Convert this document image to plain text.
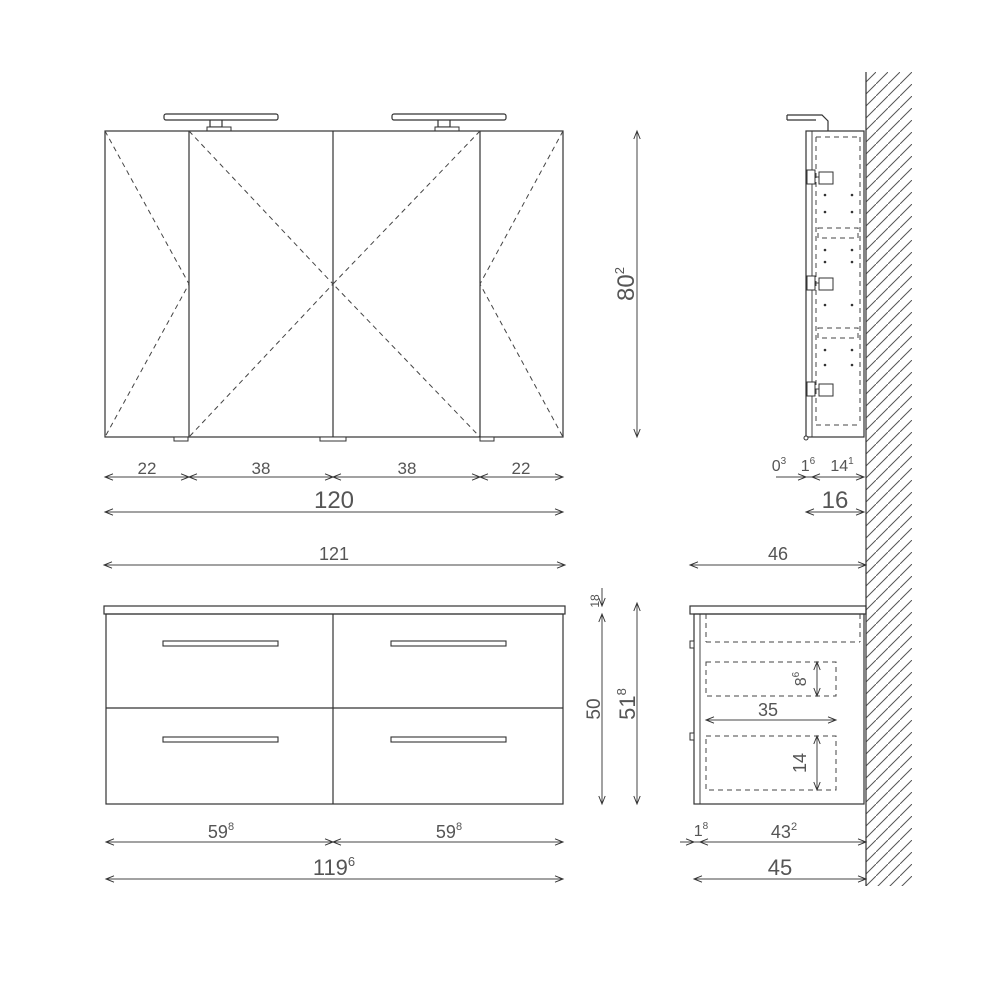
22	38	38	22
120
$80^2$
$0^3$ $1^6$ $14^1$
16
121
18
50 $51^8$
$59^8$	$59^8$
$119^6$
46
$8^6$
35
14
$1^8$	$43^2$
45
